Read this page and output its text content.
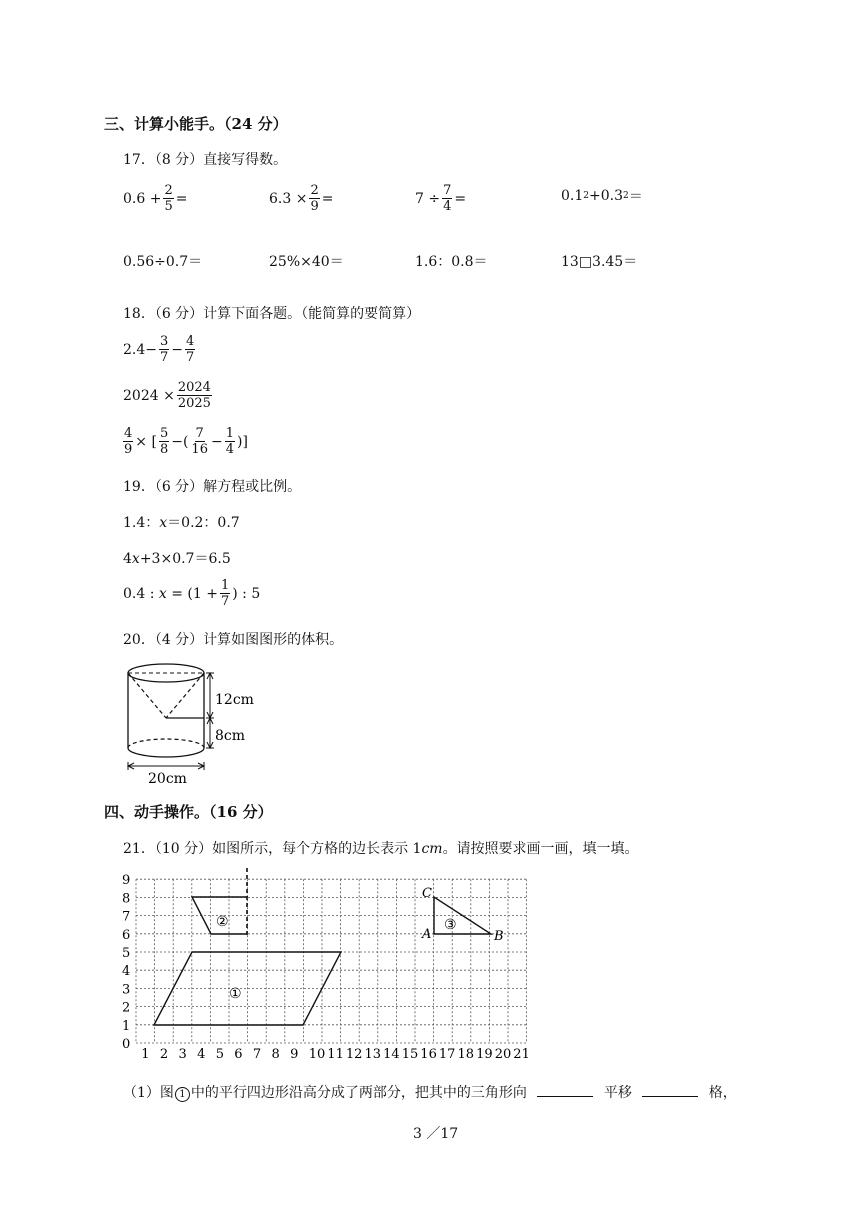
三、计算小能手。（24 分）
17．（8 分）直接写得数。
$0.6 + \frac{2}{5}$ =	$6.3 \times \frac{2}{9}$ =	$7 \div \frac{7}{4}$ =	0.1 2 +0.3 2 ＝
0.56÷0.7＝	25%×40＝	1.6：0.8＝	13□3.45＝
18．（6 分）计算下面各题。（能简算的要简算）
$2.4- \frac{3}{7} - \frac{4}{7}$
$2024 \times \frac{2024}{2025}$
$\frac{4}{9}$ × [ $\frac{5}{8}$ −( $\frac{7}{16} - \frac{1}{4}$ )]
19．（6 分）解方程或比例。
1.4：x＝0.2：0.7
4x+3×0.7＝6.5
0.4 :
x
= ($1 + \frac{1}{7}$ ) : 5
20．（4 分）计算如图图形的体积。
12cm
8cm
20cm
四、动手操作。（16 分）
21．（10 分）如图所示，每个方格的边长表示 1cm。请按照要求画一画，填一填。
1 2 3 4 5 6 7 8 9 10 11 12 13 14 15 16 17 18 19 20 21
0
1
2
3
4
5
6
7
8
9
①
②	③
C
A	B
（1）图 1 中的平行四边形沿高分成了两部分，把其中的三角形向	平移	格，
3 ／17
